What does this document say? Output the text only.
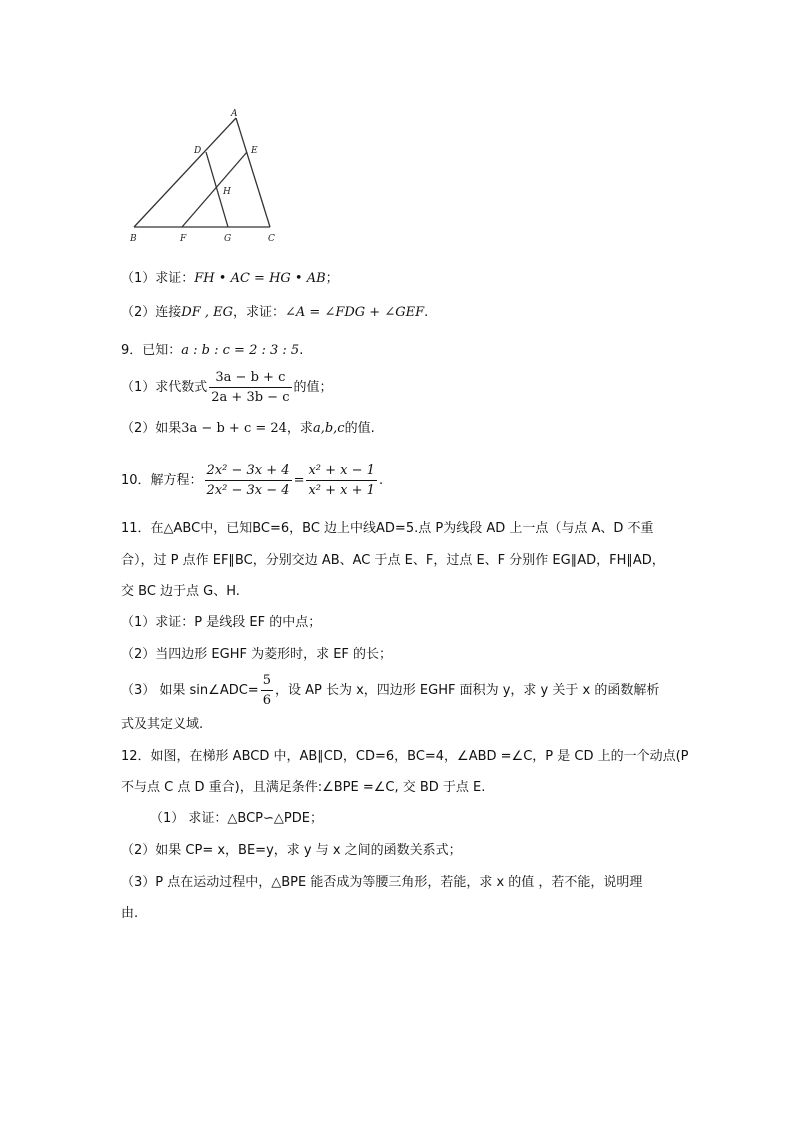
A
B	C
D	E
F	G
H
（1）求证：FH • AC = HG • AB；
（2）连接DF , EG，求证：∠A = ∠FDG + ∠GEF.
9．已知：a : b : c = 2 : 3 : 5.
（1）求代数式 $\frac{3a - b + c}{2a + 3b - c}$ 的值；
（2）如果3a − b + c = 24，求a,b,c的值.
10．解方程： $\frac{\text{2x² − 3x + 4}}{\text{2x² − 3x − 4}} = \frac{\text{x² + x − 1}}{\text{x² + x + 1}}$ .
11．在△ABC中，已知BC=6，BC 边上中线AD=5.点 P为线段 AD 上一点（与点 A、D 不重
合），过 P 点作 EF∥BC，分别交边 AB、AC 于点 E、F，过点 E、F 分别作 EG∥AD，FH∥AD，
交 BC 边于点 G、H.
（1）求证：P 是线段 EF 的中点；
（2）当四边形 EGHF 为菱形时，求 EF 的长；
（3） 如果 sin∠ADC= $\frac{5}{6}$ ，设 AP 长为 x，四边形 EGHF 面积为 y，求 y 关于 x 的函数解析
式及其定义域.
12．如图，在梯形 ABCD 中，AB∥CD，CD=6，BC=4，∠ABD =∠C，P 是 CD 上的一个动点(P
不与点 C 点 D 重合)，且满足条件:∠BPE =∠C, 交 BD 于点 E.
（1） 求证：△BCP∽△PDE；
（2）如果 CP= x，BE=y，求 y 与 x 之间的函数关系式；
（3）P 点在运动过程中，△BPE 能否成为等腰三角形，若能，求 x 的值 ，若不能，说明理
由.
